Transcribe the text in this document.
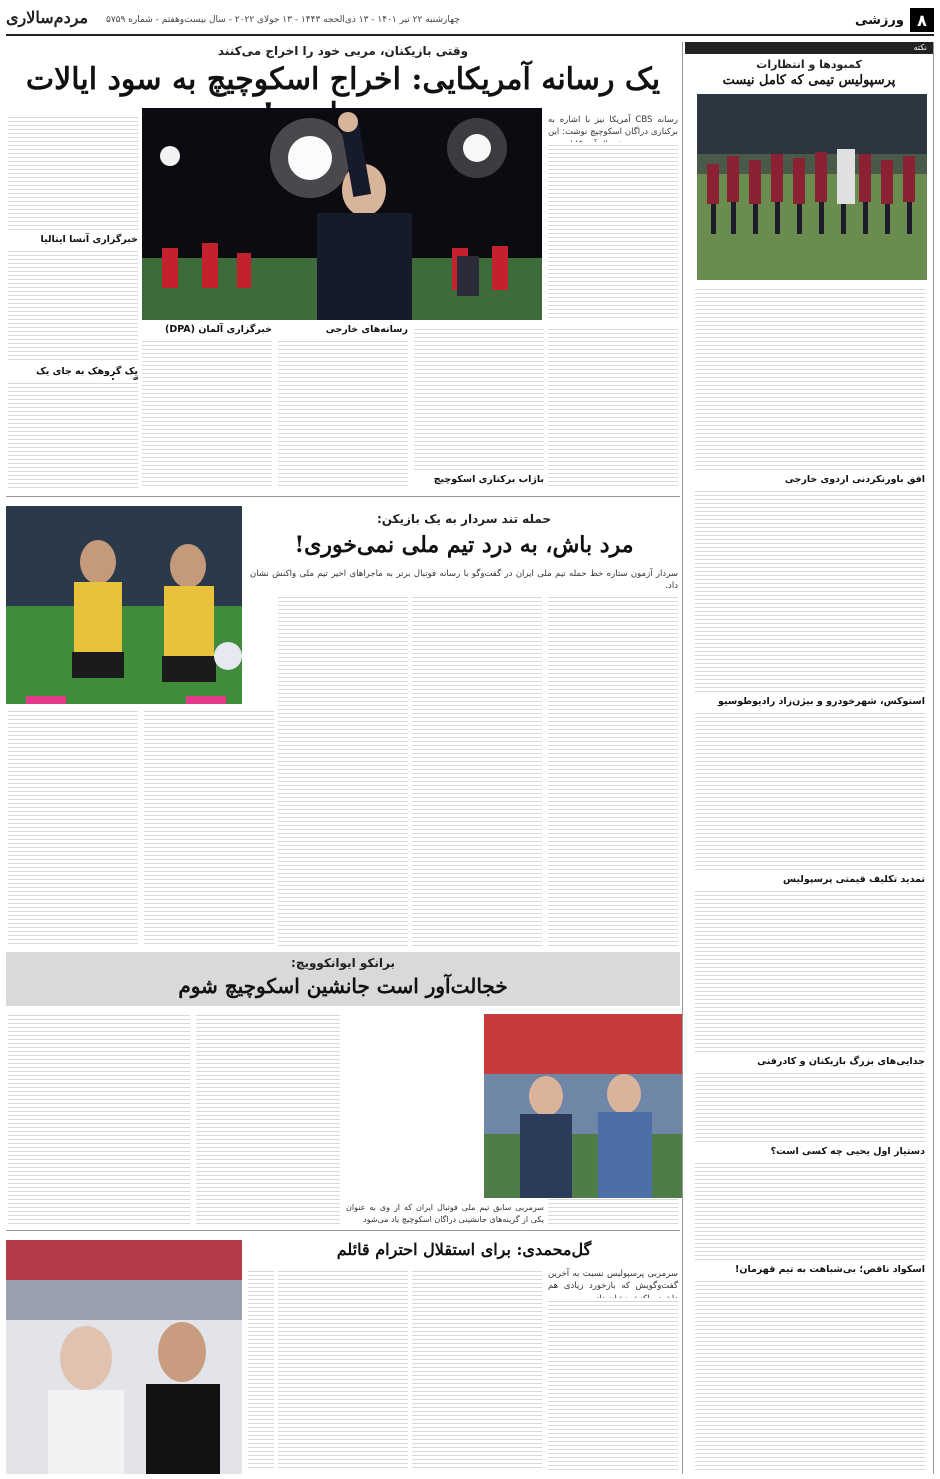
۸
ورزشی
چهارشنبه ۲۲ تیر ۱۴۰۱ - ۱۳ ذی‌الحجه ۱۴۴۳ - ۱۳ جولای ۲۰۲۲ - سال بیست‌وهفتم - شماره ۵۷۵۹
مردم‌سالاری
نکته
کمبودها و انتظارات
پرسپولیس تیمی که کامل نیست
افق باورنکردنی اردوی خارجی
استوکس، شهرخودرو و بیژن‌زاد رادیوطوسیو
تمدید تکلیف قیمتی پرسپولیس
جدایی‌های بزرگ بازیکنان و کادرفنی
دستیار اول یحیی چه کسی است؟
اسکواد ناقص؛ بی‌شباهت به تیم قهرمان!
وقتی بازیکنان، مربی خود را اخراج می‌کنند
یک رسانه آمریکایی: اخراج اسکوچیچ به سود ایالات
رسانه CBS آمریکا نیز با اشاره به برکناری دراگان اسکوچیچ نوشت: این
خبرگزاری آنسا ایتالیا
یک گروهک به جای یک
باژاب برکناری اسکوچیچ
رسانه‌های خارجی
خبرگزاری آلمان (DPA)
حمله تند سردار به یک بازیکن:
مرد باش، به درد تیم ملی نمی‌خوری!
سردار آزمون ستاره خط حمله تیم ملی ایران در گفت‌وگو با رسانه فوتبال برتر به ماجراهای اخیر تیم ملی واکنش نشان داد.
برانکو ایوانکوویچ:
خجالت‌آور است جانشین اسکوچیچ شوم
سرمربی سابق تیم ملی فوتبال ایران که از وی به عنوان یکی از گزینه‌های جانشینی دراگان اسکوچیچ یاد می‌شود
گل‌محمدی: برای استقلال احترام قائلم
سرمربی پرسپولیس نسبت به آخرین گفت‌وگویش که بازخورد زیادی هم
